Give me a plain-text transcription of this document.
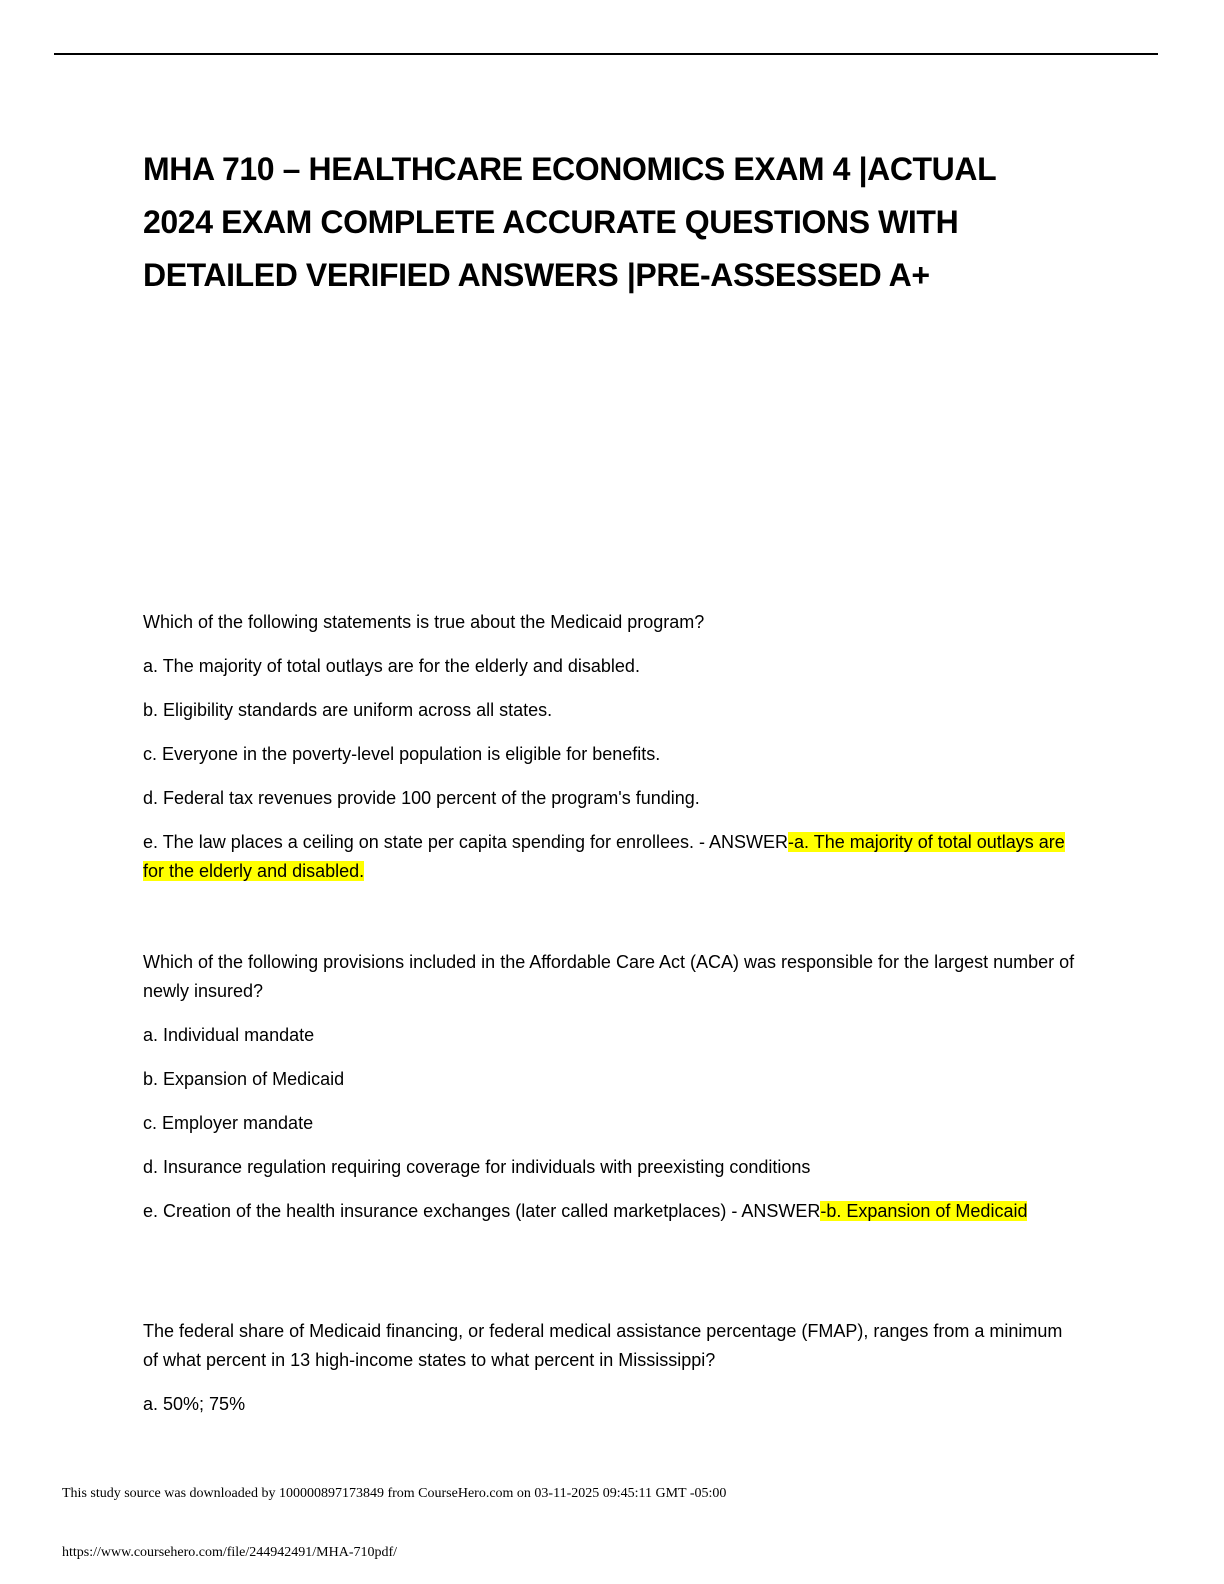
MHA 710 – HEALTHCARE ECONOMICS EXAM 4 |ACTUAL
2024 EXAM COMPLETE ACCURATE QUESTIONS WITH
DETAILED VERIFIED ANSWERS |PRE-ASSESSED A+

Which of the following statements is true about the Medicaid program?

a. The majority of total outlays are for the elderly and disabled.

b. Eligibility standards are uniform across all states.

c. Everyone in the poverty-level population is eligible for benefits.

d. Federal tax revenues provide 100 percent of the program's funding.

e. The law places a ceiling on state per capita spending for enrollees. - ANSWER-a. The majority of total outlays are for the elderly and disabled.

Which of the following provisions included in the Affordable Care Act (ACA) was responsible for the largest number of newly insured?

a. Individual mandate

b. Expansion of Medicaid

c. Employer mandate

d. Insurance regulation requiring coverage for individuals with preexisting conditions

e. Creation of the health insurance exchanges (later called marketplaces) - ANSWER-b. Expansion of Medicaid

The federal share of Medicaid financing, or federal medical assistance percentage (FMAP), ranges from a minimum of what percent in 13 high-income states to what percent in Mississippi?

a. 50%; 75%

This study source was downloaded by 100000897173849 from CourseHero.com on 03-11-2025 09:45:11 GMT -05:00
https://www.coursehero.com/file/244942491/MHA-710pdf/
